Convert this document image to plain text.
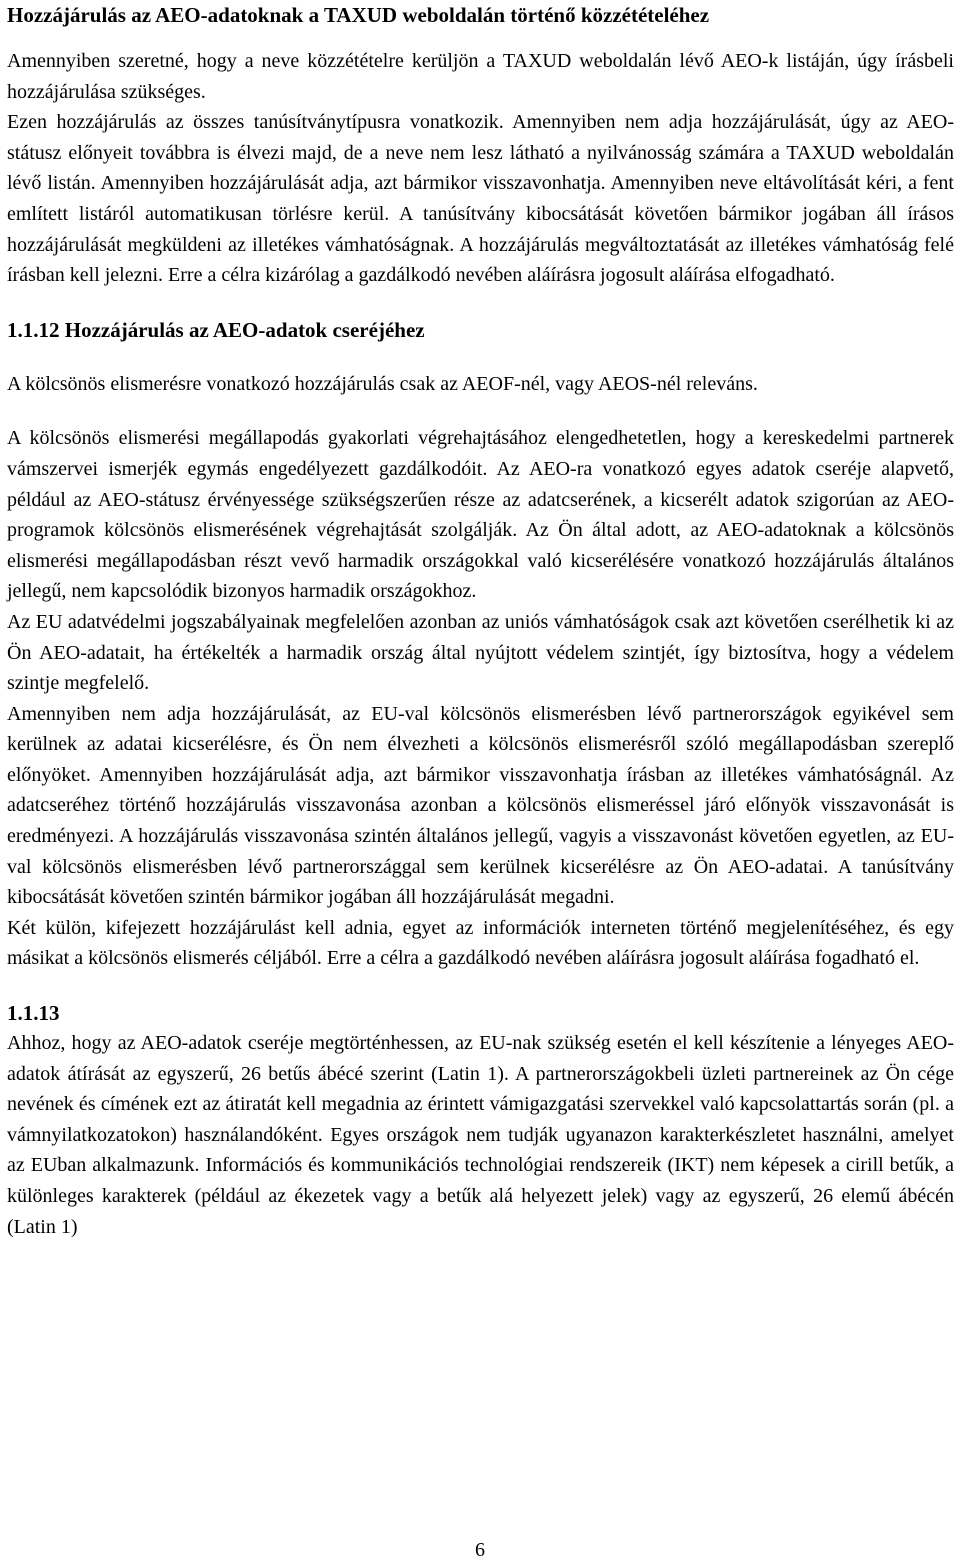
Hozzájárulás az AEO-adatoknak a TAXUD weboldalán történő közzétételéhez

Amennyiben szeretné, hogy a neve közzétételre kerüljön a TAXUD weboldalán lévő AEO-k listáján, úgy írásbeli hozzájárulása szükséges.

Ezen hozzájárulás az összes tanúsítványtípusra vonatkozik. Amennyiben nem adja hozzájárulását, úgy az AEO-státusz előnyeit továbbra is élvezi majd, de a neve nem lesz látható a nyilvánosság számára a TAXUD weboldalán lévő listán. Amennyiben hozzájárulását adja, azt bármikor visszavonhatja. Amennyiben neve eltávolítását kéri, a fent említett listáról automatikusan törlésre kerül. A tanúsítvány kibocsátását követően bármikor jogában áll írásos hozzájárulását megküldeni az illetékes vámhatóságnak. A hozzájárulás megváltoztatását az illetékes vámhatóság felé írásban kell jelezni. Erre a célra kizárólag a gazdálkodó nevében aláírásra jogosult aláírása elfogadható.

1.1.12 Hozzájárulás az AEO-adatok cseréjéhez

A kölcsönös elismerésre vonatkozó hozzájárulás csak az AEOF-nél, vagy AEOS-nél releváns.

A kölcsönös elismerési megállapodás gyakorlati végrehajtásához elengedhetetlen, hogy a kereskedelmi partnerek vámszervei ismerjék egymás engedélyezett gazdálkodóit. Az AEO-ra vonatkozó egyes adatok cseréje alapvető, például az AEO-státusz érvényessége szükségszerűen része az adatcserének, a kicserélt adatok szigorúan az AEO-programok kölcsönös elismerésének végrehajtását szolgálják. Az Ön által adott, az AEO-adatoknak a kölcsönös elismerési megállapodásban részt vevő harmadik országokkal való kicserélésére vonatkozó hozzájárulás általános jellegű, nem kapcsolódik bizonyos harmadik országokhoz.

Az EU adatvédelmi jogszabályainak megfelelően azonban az uniós vámhatóságok csak azt követően cserélhetik ki az Ön AEO-adatait, ha értékelték a harmadik ország által nyújtott védelem szintjét, így biztosítva, hogy a védelem szintje megfelelő.

Amennyiben nem adja hozzájárulását, az EU-val kölcsönös elismerésben lévő partnerországok egyikével sem kerülnek az adatai kicserélésre, és Ön nem élvezheti a kölcsönös elismerésről szóló megállapodásban szereplő előnyöket. Amennyiben hozzájárulását adja, azt bármikor visszavonhatja írásban az illetékes vámhatóságnál. Az adatcseréhez történő hozzájárulás visszavonása azonban a kölcsönös elismeréssel járó előnyök visszavonását is eredményezi. A hozzájárulás visszavonása szintén általános jellegű, vagyis a visszavonást követően egyetlen, az EU-val kölcsönös elismerésben lévő partnerországgal sem kerülnek kicserélésre az Ön AEO-adatai. A tanúsítvány kibocsátását követően szintén bármikor jogában áll hozzájárulását megadni.

Két külön, kifejezett hozzájárulást kell adnia, egyet az információk interneten történő megjelenítéséhez, és egy másikat a kölcsönös elismerés céljából. Erre a célra a gazdálkodó nevében aláírásra jogosult aláírása fogadható el.

1.1.13

Ahhoz, hogy az AEO-adatok cseréje megtörténhessen, az EU-nak szükség esetén el kell készítenie a lényeges AEO-adatok átírását az egyszerű, 26 betűs ábécé szerint (Latin 1). A partnerországokbeli üzleti partnereinek az Ön cége nevének és címének ezt az átiratát kell megadnia az érintett vámigazgatási szervekkel való kapcsolattartás során (pl. a vámnyilatkozatokon) használandóként. Egyes országok nem tudják ugyanazon karakterkészletet használni, amelyet az EUban alkalmazunk. Információs és kommunikációs technológiai rendszereik (IKT) nem képesek a cirill betűk, a különleges karakterek (például az ékezetek vagy a betűk alá helyezett jelek) vagy az egyszerű, 26 elemű ábécén (Latin 1)

6
